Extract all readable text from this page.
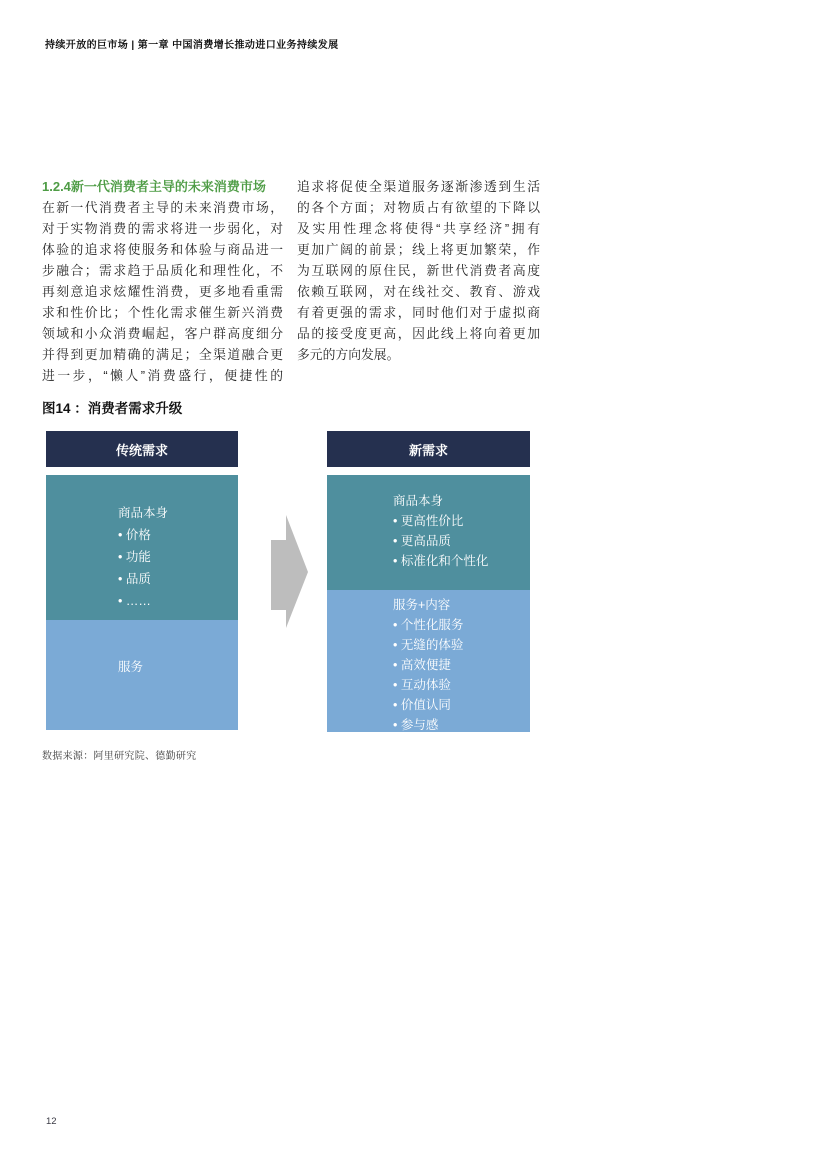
持续开放的巨市场 | 第一章 中国消费增长推动进口业务持续发展
1.2.4新一代消费者主导的未来消费市场
在新一代消费者主导的未来消费市场，
对于实物消费的需求将进一步弱化，对
体验的追求将使服务和体验与商品进一
步融合；需求趋于品质化和理性化，不
再刻意追求炫耀性消费，更多地看重需
求和性价比；个性化需求催生新兴消费
领域和小众消费崛起，客户群高度细分
并得到更加精确的满足；全渠道融合更
进一步，“懒人”消费盛行，便捷性的
追求将促使全渠道服务逐渐渗透到生活
的各个方面；对物质占有欲望的下降以
及实用性理念将使得“共享经济”拥有
更加广阔的前景；线上将更加繁荣，作
为互联网的原住民，新世代消费者高度
依赖互联网，对在线社交、教育、游戏
有着更强的需求，同时他们对于虚拟商
品的接受度更高，因此线上将向着更加
多元的方向发展。
图14 ：消费者需求升级
传统需求
商品本身
• 价格
• 功能
• 品质
• ……
服务
新需求
商品本身
• 更高性价比
• 更高品质
• 标准化和个性化
服务+内容
• 个性化服务
• 无缝的体验
• 高效便捷
• 互动体验
• 价值认同
• 参与感
数据来源：阿里研究院、德勤研究
12
